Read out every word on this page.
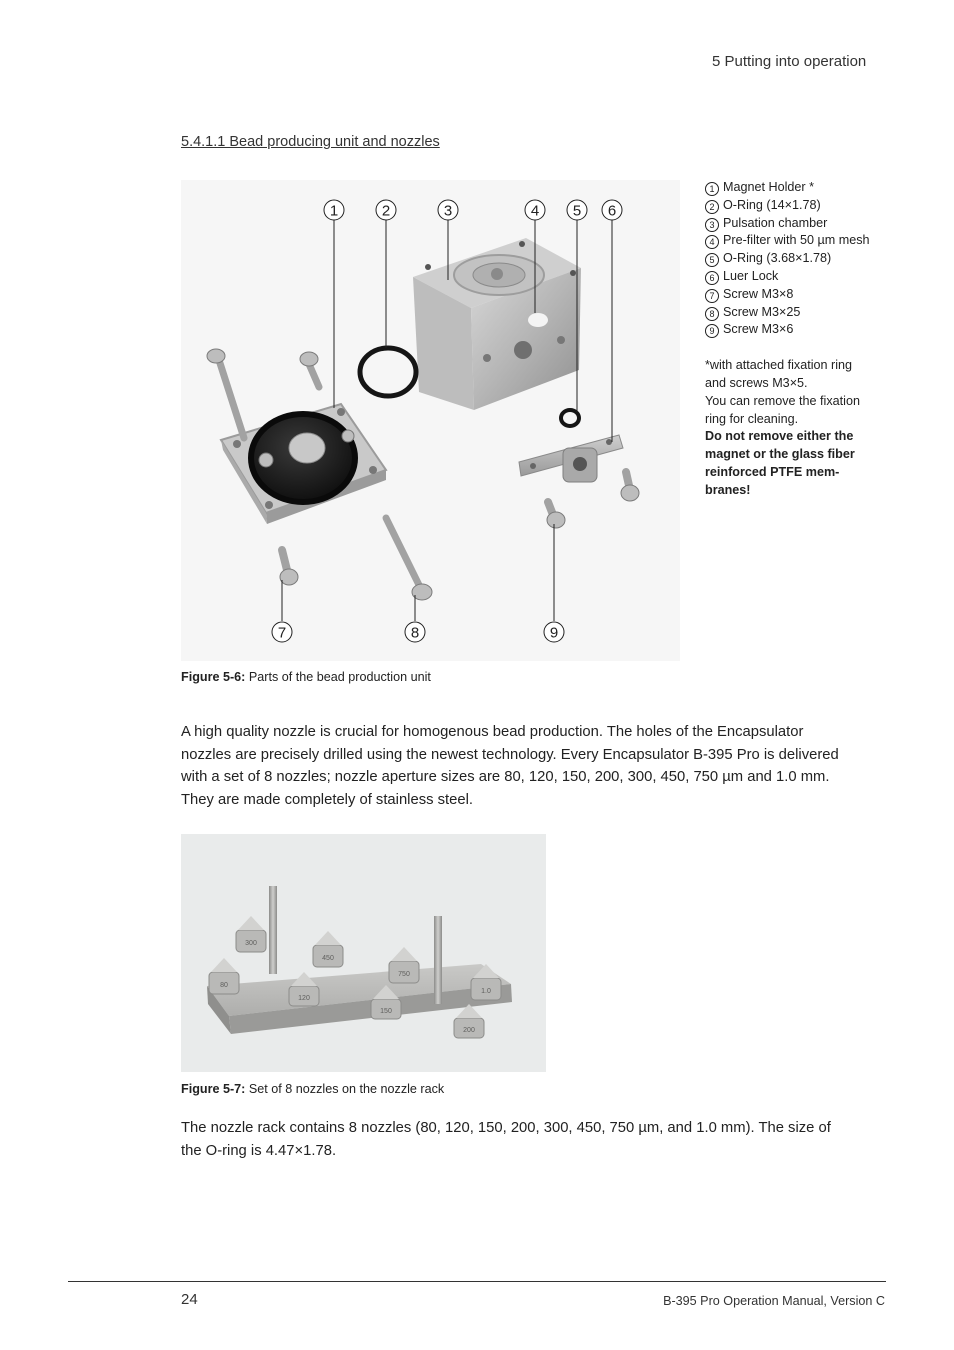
5 Putting into operation
5.4.1.1 Bead producing unit and nozzles
1	2	3	4 5 6
7	8	9
1 Magnet Holder *
2 O-Ring (14×1.78)
3 Pulsation chamber
4 Pre-filter with 50 µm mesh
5 O-Ring (3.68×1.78)
6 Luer Lock
7 Screw M3×8
8 Screw M3×25
9 Screw M3×6
*with attached fixation ring
and screws M3×5.
You can remove the fixation
ring for cleaning.
Do not remove either the
magnet or the glass fiber
reinforced PTFE mem-
branes!
Figure 5-6: Parts of the bead production unit
A high quality nozzle is crucial for homogenous bead production. The holes of the Encapsulator
nozzles are precisely drilled using the newest technology. Every Encapsulator B-395 Pro is delivered
with a set of 8 nozzles; nozzle aperture sizes are 80, 120, 150, 200, 300, 450, 750 µm and 1.0 mm.
They are made completely of stainless steel.
80
120
150
200
300
450
750
1.0
Figure 5-7: Set of 8 nozzles on the nozzle rack
The nozzle rack contains 8 nozzles (80, 120, 150, 200, 300, 450, 750 µm, and 1.0 mm). The size of
the O-ring is 4.47×1.78.
24	B-395 Pro Operation Manual, Version C
